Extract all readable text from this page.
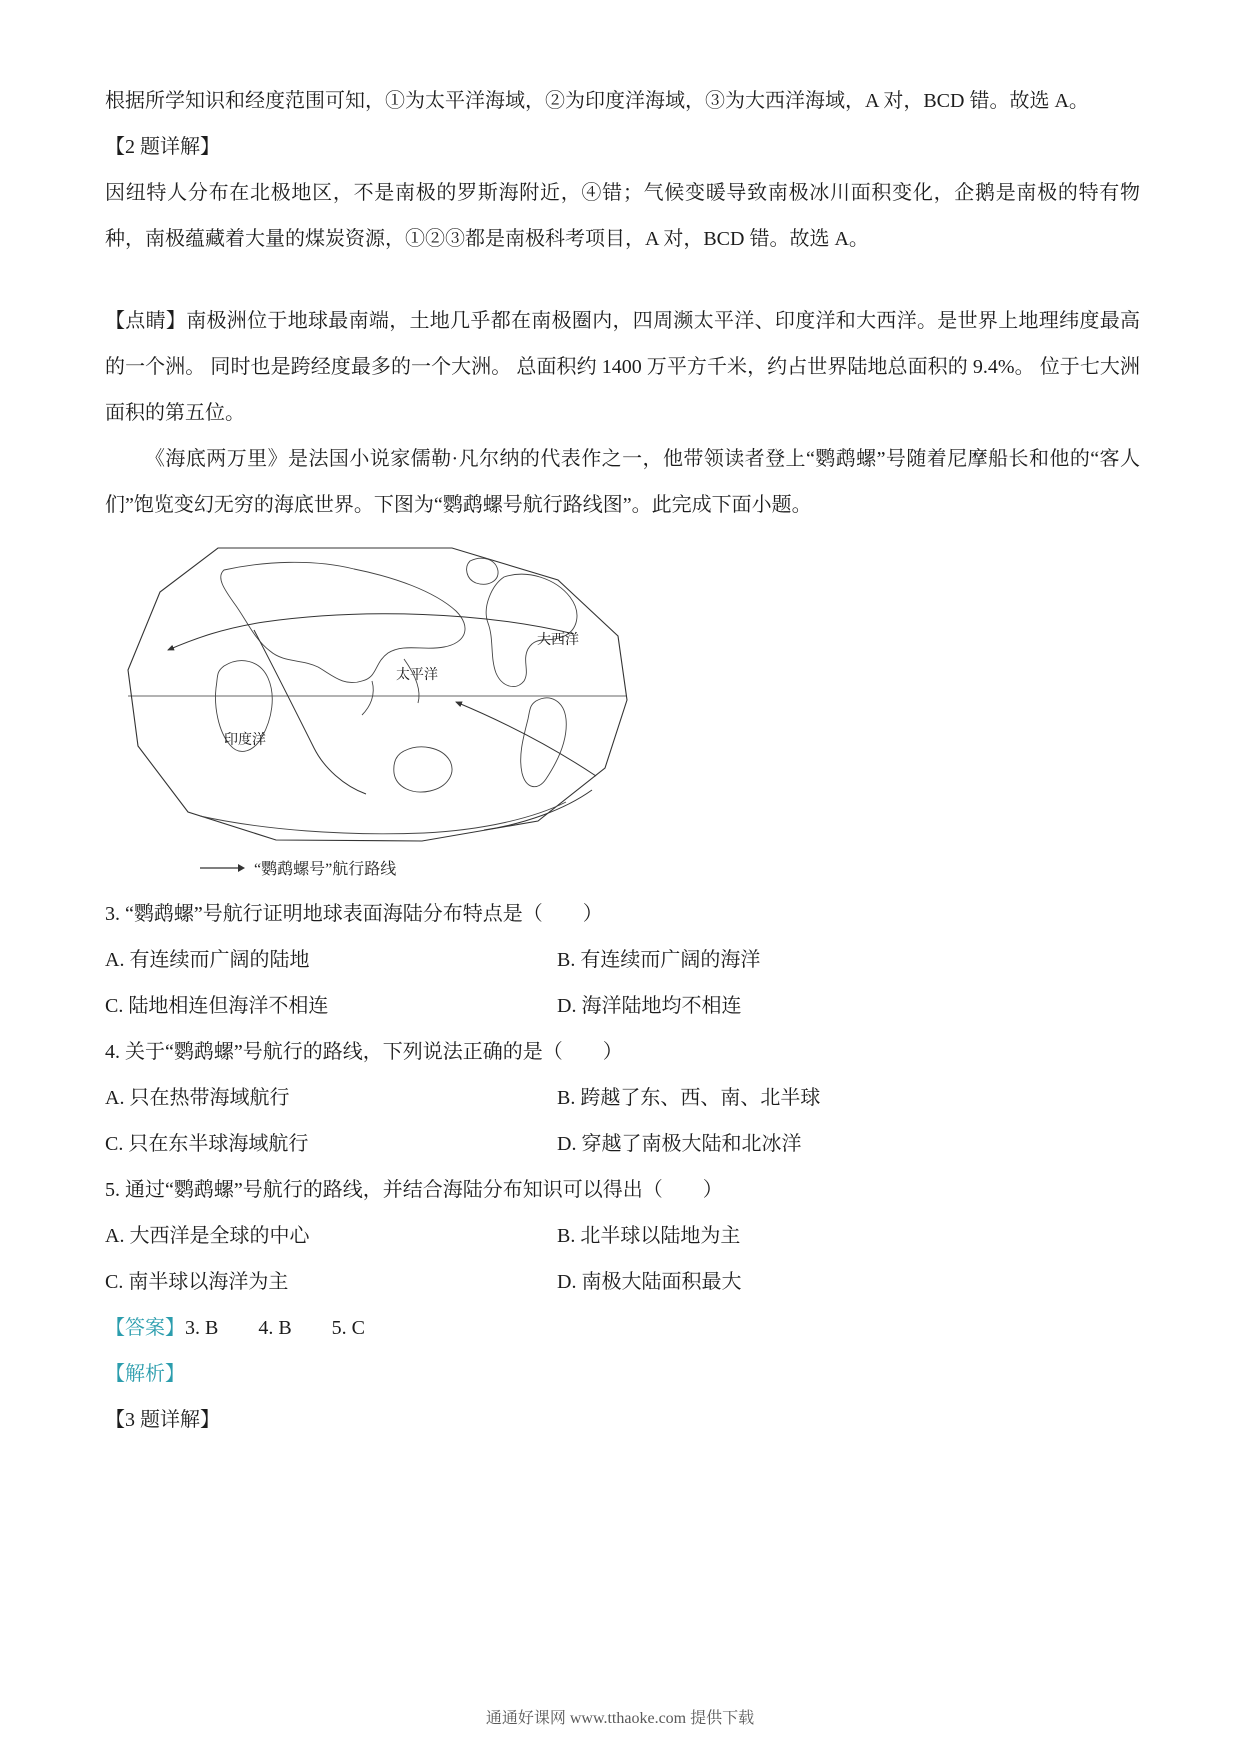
根据所学知识和经度范围可知，①为太平洋海域，②为印度洋海域，③为大西洋海域，A 对，BCD 错。故选 A。

【2 题详解】

因纽特人分布在北极地区，不是南极的罗斯海附近，④错；气候变暖导致南极冰川面积变化，企鹅是南极的特有物种，南极蕴藏着大量的煤炭资源，①②③都是南极科考项目，A 对，BCD 错。故选 A。

【点睛】南极洲位于地球最南端，土地几乎都在南极圈内，四周濒太平洋、印度洋和大西洋。是世界上地理纬度最高的一个洲。 同时也是跨经度最多的一个大洲。 总面积约 1400 万平方千米，约占世界陆地总面积的 9.4%。 位于七大洲面积的第五位。

《海底两万里》是法国小说家儒勒·凡尔纳的代表作之一，他带领读者登上“鹦鹉螺”号随着尼摩船长和他的“客人们”饱览变幻无穷的海底世界。下图为“鹦鹉螺号航行路线图”。此完成下面小题。

大西洋
太平洋
印度洋
“鹦鹉螺号”航行路线

3. “鹦鹉螺”号航行证明地球表面海陆分布特点是（　　）

A. 有连续而广阔的陆地	B. 有连续而广阔的海洋
C. 陆地相连但海洋不相连	D. 海洋陆地均不相连

4. 关于“鹦鹉螺”号航行的路线，下列说法正确的是（　　）

A. 只在热带海域航行	B. 跨越了东、西、南、北半球
C. 只在东半球海域航行	D. 穿越了南极大陆和北冰洋

5. 通过“鹦鹉螺”号航行的路线，并结合海陆分布知识可以得出（　　）

A. 大西洋是全球的中心	B. 北半球以陆地为主
C. 南半球以海洋为主	D. 南极大陆面积最大

【答案】3. B　　4. B　　5. C

【解析】

【3 题详解】

通通好课网 www.tthaoke.com 提供下载
